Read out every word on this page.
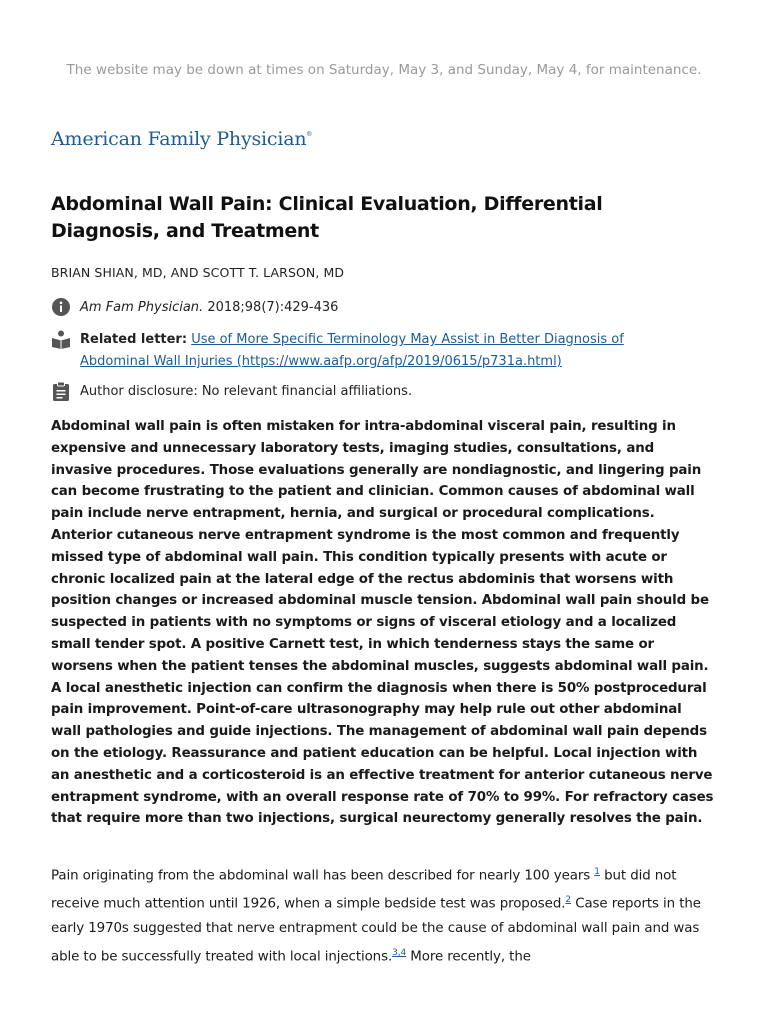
The website may be down at times on Saturday, May 3, and Sunday, May 4, for maintenance.
American Family Physician®
Abdominal Wall Pain: Clinical Evaluation, Differential Diagnosis, and Treatment
BRIAN SHIAN, MD, AND SCOTT T. LARSON, MD
Am Fam Physician. 2018;98(7):429-436
Related letter: Use of More Specific Terminology May Assist in Better Diagnosis of Abdominal Wall Injuries (https://www.aafp.org/afp/2019/0615/p731a.html)
Author disclosure: No relevant financial affiliations.

Abdominal wall pain is often mistaken for intra-abdominal visceral pain, resulting in expensive and unnecessary laboratory tests, imaging studies, consultations, and invasive procedures. Those evaluations generally are nondiagnostic, and lingering pain can become frustrating to the patient and clinician. Common causes of abdominal wall pain include nerve entrapment, hernia, and surgical or procedural complications. Anterior cutaneous nerve entrapment syndrome is the most common and frequently missed type of abdominal wall pain. This condition typically presents with acute or chronic localized pain at the lateral edge of the rectus abdominis that worsens with position changes or increased abdominal muscle tension. Abdominal wall pain should be suspected in patients with no symptoms or signs of visceral etiology and a localized small tender spot. A positive Carnett test, in which tenderness stays the same or worsens when the patient tenses the abdominal muscles, suggests abdominal wall pain. A local anesthetic injection can confirm the diagnosis when there is 50% postprocedural pain improvement. Point-of-care ultrasonography may help rule out other abdominal wall pathologies and guide injections. The management of abdominal wall pain depends on the etiology. Reassurance and patient education can be helpful. Local injection with an anesthetic and a corticosteroid is an effective treatment for anterior cutaneous nerve entrapment syndrome, with an overall response rate of 70% to 99%. For refractory cases that require more than two injections, surgical neurectomy generally resolves the pain.

Pain originating from the abdominal wall has been described for nearly 100 years $^1$ but did not receive much attention until 1926, when a simple bedside test was proposed.$^2$ Case reports in the early 1970s suggested that nerve entrapment could be the cause of abdominal wall pain and was able to be successfully treated with local injections.$^{3,4}$ More recently, the
